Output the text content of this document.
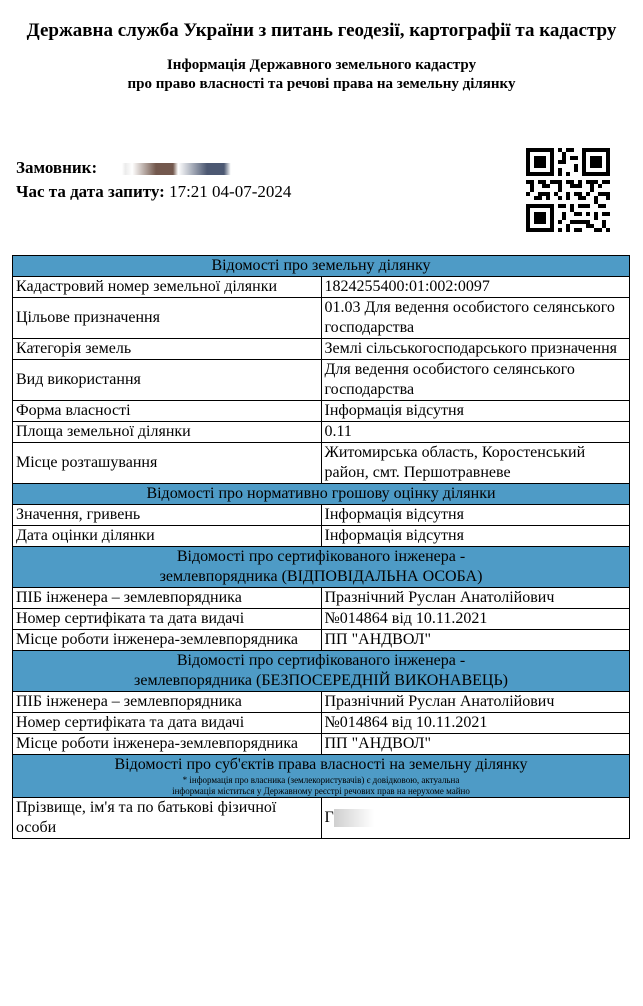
Державна служба України з питань геодезії, картографії та кадастру
Інформація Державного земельного кадастру
про право власності та речові права на земельну ділянку
Замовник:
Час та дата запиту: 17:21 04-07-2024
Відомості про земельну ділянку	

Кадастровий номер земельної ділянки	1824255400:01:002:0097
Цільове призначення	01.03 Для ведення особистого селянського господарства
Категорія земель	Землі сільськогосподарського призначення
Вид використання	Для ведення особистого селянського господарства
Форма власності	Інформація відсутня
Площа земельної ділянки	0.11
Місце розташування	Житомирська область, Коростенський район, смт. Першотравневе

Відомості про нормативно грошову оцінку ділянки	

Значення, гривень	Інформація відсутня
Дата оцінки ділянки	Інформація відсутня

Відомості про сертифікованого інженера -
землевпорядника (ВІДПОВІДАЛЬНА ОСОБА)	

ПІБ інженера – землевпорядника	Празнічний Руслан Анатолійович
Номер сертифіката та дата видачі	№014864 від 10.11.2021
Місце роботи інженера-землевпорядника	ПП "АНДВОЛ"

Відомості про сертифікованого інженера -
землевпорядника (БЕЗПОСЕРЕДНІЙ ВИКОНАВЕЦЬ)	

ПІБ інженера – землевпорядника	Празнічний Руслан Анатолійович
Номер сертифіката та дата видачі	№014864 від 10.11.2021
Місце роботи інженера-землевпорядника	ПП "АНДВОЛ"

Відомості про суб'єктів права власності на земельну ділянку
* інформація про власника (землекористувачів) є довідковою, актуальна
інформація міститься у Державному реєстрі речових прав на нерухоме майно	

Прізвище, ім'я та по батькові фізичної особи	Г
